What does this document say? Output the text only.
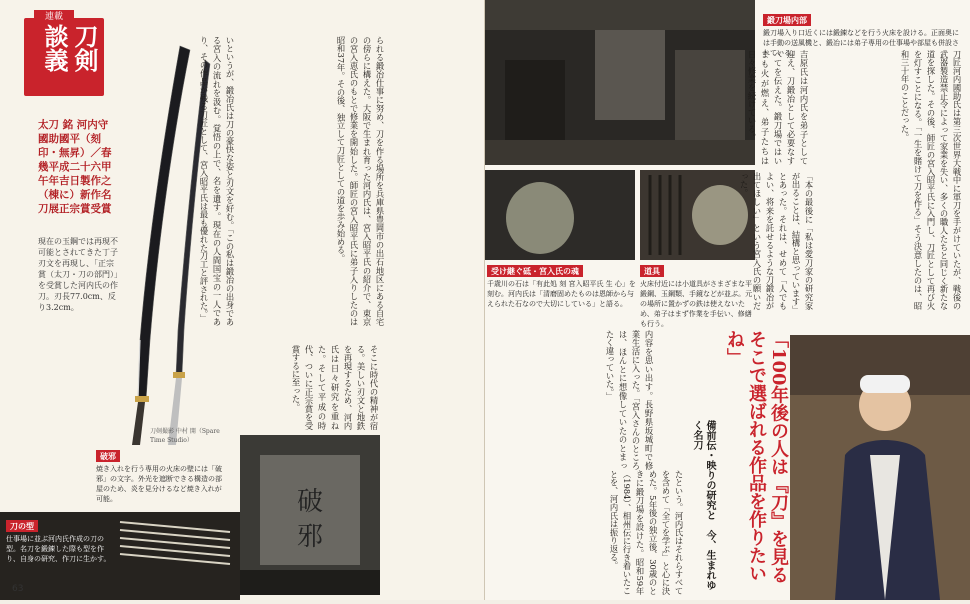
刀剣
談義
連載
太刀 銘 河内守國助國平（刻印・無昇）／春幾平成二十六甲午年吉日製作之（棟に）新作名刀展正宗賞受賞
現在の玉鋼では再現不可能とされてきた丁子刃文を再現し、「正宗賞（太刀・刀の部門）」を受賞した河内氏の作刀。刃長77.0cm、反り3.2cm。
刀剣撮影 中村 開（Spare Time Studio）
られる鍛冶仕事に努め、刀を作る場所を兵庫県豊岡市の出石地区にある自宅の傍らに構えた。大阪で生まれ育った河内氏は、宮入昭平氏の紹介で、東京の宮入恵氏のもとで修業を開始した。師匠の宮入昭平氏に弟子入りしたのは昭和37年。その後、独立して刀匠としての道を歩み始める。
いというが、鍛冶氏は刀の豪快な姿と刃文を好む。「この私は鍛冶の出身である宮入の流れを汲む。覚悟の上で、名を遺す。現在の人間国宝の一人であり、その作品が残る刀匠として、宮入昭平氏は最も優れた刀工と評された。」
そこに時代の精神が宿る。美しい刃文と地鉄を再現するため、河内氏は日々研究を重ねた。そして平成の時代、ついに正宗賞を受賞するに至った。
破
邪
破邪
焼き入れを行う専用の火床の壁には「破邪」の文字。外光を遮断できる構造の部屋のため、炎を見分けるなど焼き入れが可能。
刀の型
仕事場に並ぶ河内氏作成の刀の型。名刀を鍛錬した際も型を作り、自身の研究、作刀に生かす。
63
鍛刀場内部
鍛刀場入り口近くには鍛錬などを行う火床を設ける。正面奥には手動の送風機と、鍛冶には弟子専用の仕事場や部屋も併設されている。
受け継ぐ砥・宮入氏の魂
千歳川の石は「有此処 刻 宮入昭平氏 生 心」を刻む。河内氏は「清磨固めたものは恩師から与えられた石なので大切にしている」と語る。
道具
火床付近には小道具がさまざまな平鍛鋼、玉鋼類、手鏡などが並ぶ。元の場所に置かずの鉄は使えないため、弟子はまず作業を手伝い、修繕も行う。
刀匠河内國助氏は第三次世界大戦中に軍刀を手がけていたが、戦後の武器製造禁止令によって家業を失い、多くの職人たちと同じく新たな道を探した。その後、師匠の宮入昭平氏に入門し、刀匠として再び火を灯すことになる。「一生を賭けて刀を作る」そう決意したのは、昭和三十年のことだった。
「本の最後に「私は愛刀家の研究家が出ることは、結構と思っています」とあった。それは、せめて「人でもよい、将来を託せるような刀鍛冶が出てほしい」という宮入氏の願いだった。
吉原氏は河内氏を弟子として迎え、刀鍛冶として必要なすべてを伝えた。鍛刀場ではいまも火が燃え、弟子たちは日々修業を続けている。
「100年後の人は『刀』を見る　そこで選ばれる作品を作りたいね」
備前伝・映りの研究と　今、生まれゆく名刀
内容を思い出す。長野県坂城町で修業生活に入った。「宮入さんのところは、ほんとに想像していたのとまったく違っていた。」
たという。河内氏はそれらすべてを含めて「全てを学ぶ」と心に決めた。5年後の独立後、30歳のときに鍛刀場を設けた。昭和59年（1984）、相州伝に行き着いたことを、河内氏は振り返る。
